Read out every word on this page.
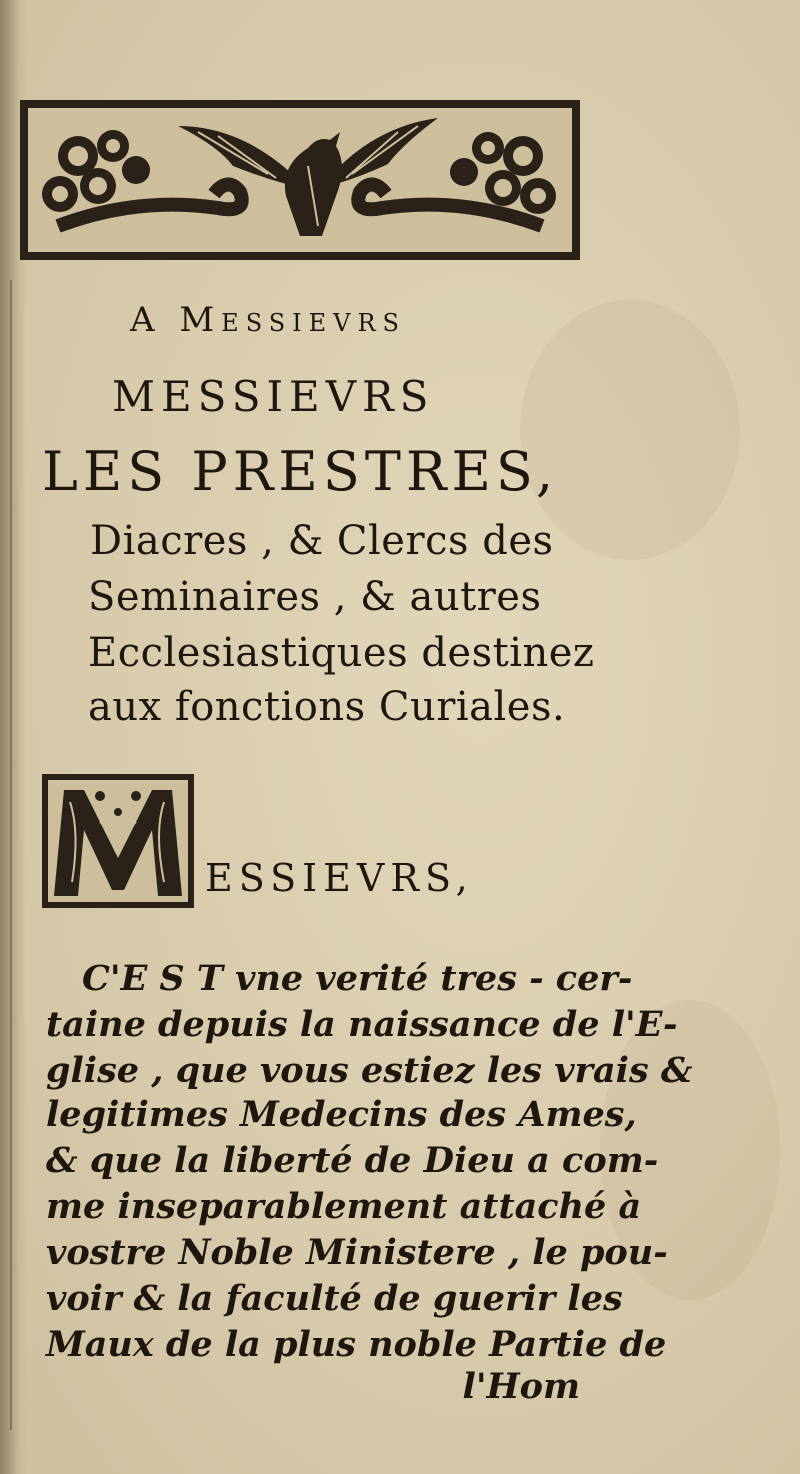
A Messievrs
MESSIEVRS
LES PRESTRES,
Diacres , & Clercs des
Seminaires , & autres
Ecclesiastiques destinez
aux fonctions Curiales.
ESSIEVRS,
C'E S T vne verité tres - cer-
taine depuis la naissance de l'E-
glise , que vous estiez les vrais &
legitimes Medecins des Ames,
& que la liberté de Dieu a com-
me inseparablement attaché à
vostre Noble Ministere , le pou-
voir & la faculté de guerir les
Maux de la plus noble Partie de
l'Hom
